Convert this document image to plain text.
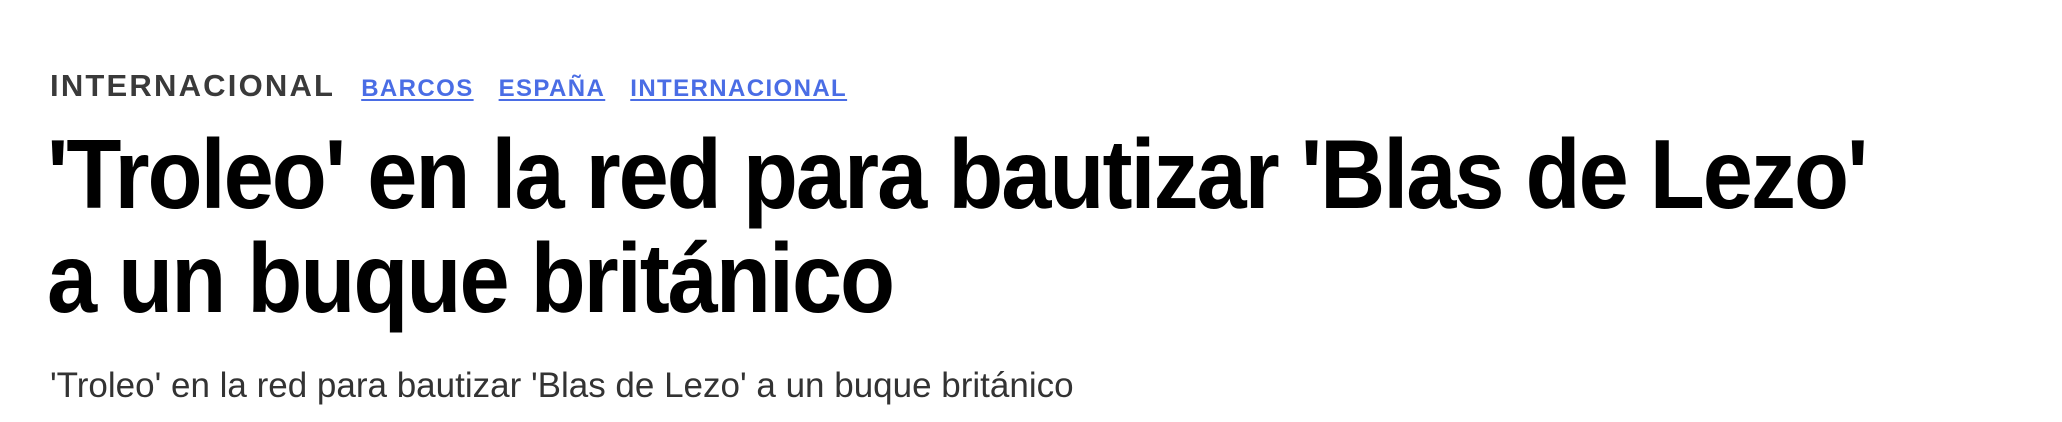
INTERNACIONAL BARCOS ESPAÑA INTERNACIONAL
'Troleo' en la red para bautizar 'Blas de Lezo' a un buque británico

'Troleo' en la red para bautizar 'Blas de Lezo' a un buque británico
